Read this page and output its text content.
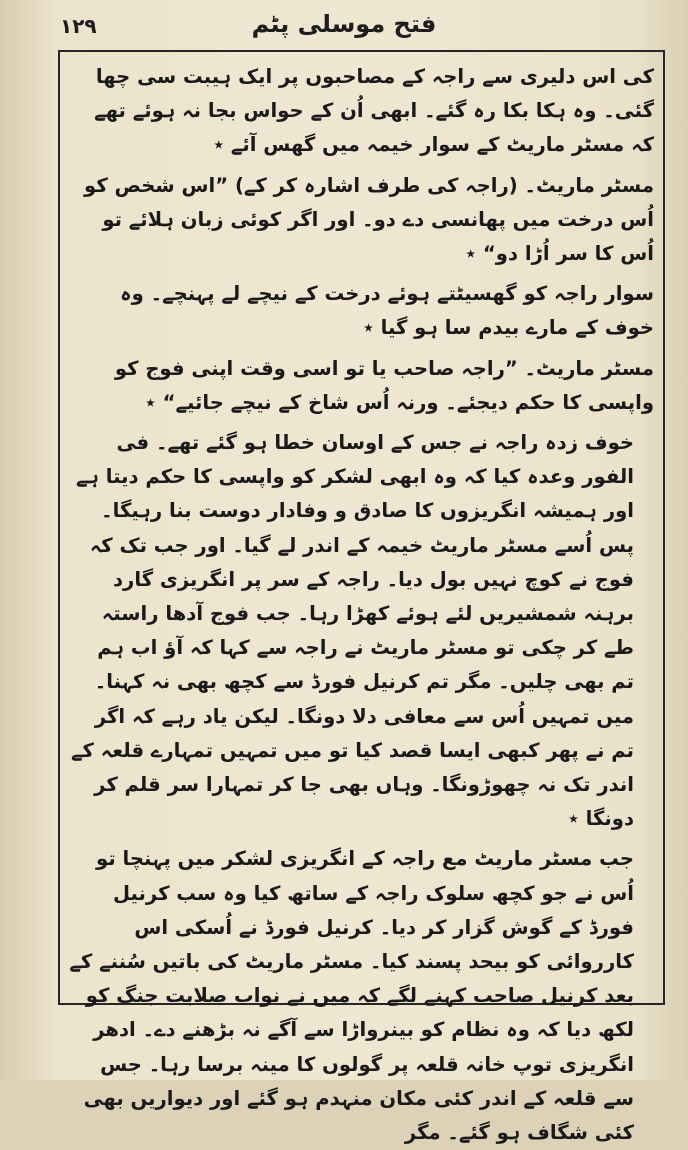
۱۲۹	فتح موسلی پٹم

کی اس دلیری سے راجہ کے مصاحبوں پر ایک ہیبت سی چھا گئی۔ وہ ہکا بکا رہ گئے۔ ابھی اُن کے حواس بجا نہ ہوئے تھے کہ مسٹر ماریٹ کے سوار خیمہ میں گھس آئے ٭

مسٹر ماریٹ۔ (راجہ کی طرف اشارہ کر کے) ”اس شخص کو اُس درخت میں پھانسی دے دو۔ اور اگر کوئی زبان ہلائے تو اُس کا سر اُڑا دو“ ٭

سوار راجہ کو گھسیٹتے ہوئے درخت کے نیچے لے پہنچے۔ وہ خوف کے مارے بیدم سا ہو گیا ٭

مسٹر ماریٹ۔ ”راجہ صاحب یا تو اسی وقت اپنی فوج کو واپسی کا حکم دیجئے۔ ورنہ اُس شاخ کے نیچے جائیے“ ٭

خوف زدہ راجہ نے جس کے اوسان خطا ہو گئے تھے۔ فی الفور وعدہ کیا کہ وہ ابھی لشکر کو واپسی کا حکم دیتا ہے اور ہمیشہ انگریزوں کا صادق و وفادار دوست بنا رہیگا۔ پس اُسے مسٹر ماریٹ خیمہ کے اندر لے گیا۔ اور جب تک کہ فوج نے کوچ نہیں بول دیا۔ راجہ کے سر پر انگریزی گارد برہنہ شمشیریں لئے ہوئے کھڑا رہا۔ جب فوج آدھا راستہ طے کر چکی تو مسٹر ماریٹ نے راجہ سے کہا کہ آؤ اب ہم تم بھی چلیں۔ مگر تم کرنیل فورڈ سے کچھ بھی نہ کہنا۔ میں تمہیں اُس سے معافی دلا دونگا۔ لیکن یاد رہے کہ اگر تم نے پھر کبھی ایسا قصد کیا تو میں تمہیں تمہارے قلعہ کے اندر تک نہ چھوڑونگا۔ وہاں بھی جا کر تمہارا سر قلم کر دونگا ٭

جب مسٹر ماریٹ مع راجہ کے انگریزی لشکر میں پہنچا تو اُس نے جو کچھ سلوک راجہ کے ساتھ کیا وہ سب کرنیل فورڈ کے گوش گزار کر دیا۔ کرنیل فورڈ نے اُسکی اس کارروائی کو بیحد پسند کیا۔ مسٹر ماریٹ کی باتیں سُننے کے بعد کرنیل صاحب کہنے لگے کہ میں نے نواب صلابت جنگ کو لکھ دیا کہ وہ نظام کو بینرواڑا سے آگے نہ بڑھنے دے۔ ادھر انگریزی توپ خانہ قلعہ پر گولوں کا مینہ برسا رہا۔ جس سے قلعہ کے اندر کئی مکان منہدم ہو گئے اور دیواریں بھی کئی شگاف ہو گئے۔ مگر
